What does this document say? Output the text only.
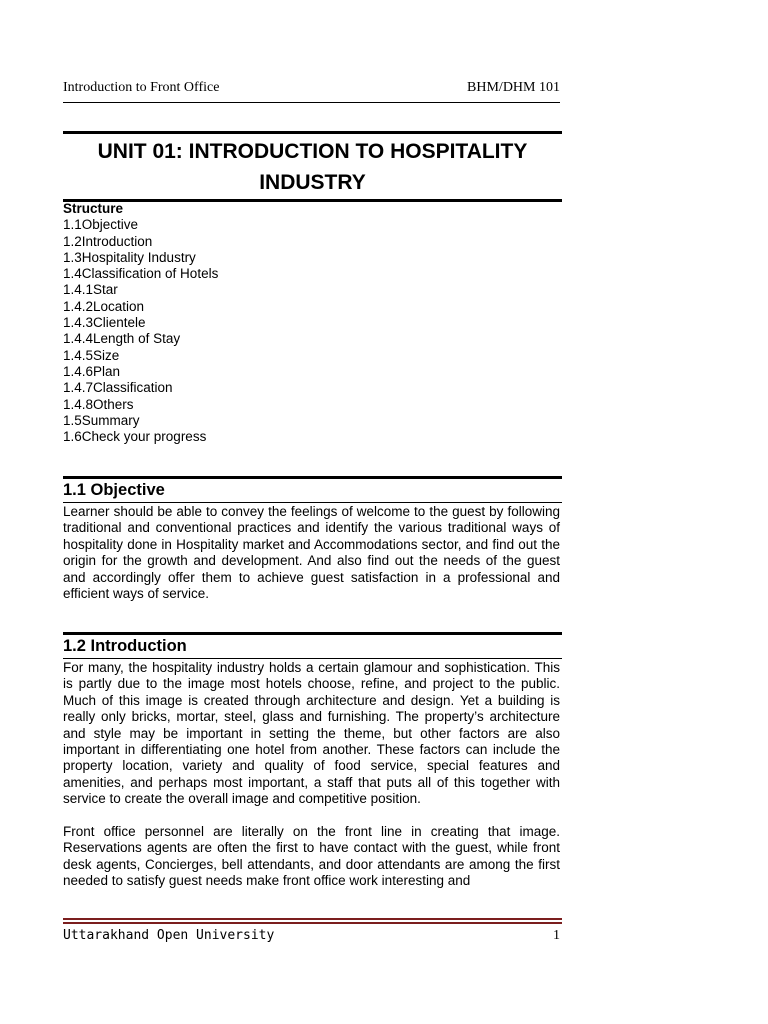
Introduction to Front Office	BHM/DHM 101
UNIT 01: INTRODUCTION TO HOSPITALITY
INDUSTRY
Structure
1.1Objective
1.2Introduction
1.3Hospitality Industry
1.4Classification of Hotels
1.4.1Star
1.4.2Location
1.4.3Clientele
1.4.4Length of Stay
1.4.5Size
1.4.6Plan
1.4.7Classification
1.4.8Others
1.5Summary
1.6Check your progress
1.1 Objective

Learner should be able to convey the feelings of welcome to the guest by following traditional and conventional practices and identify the various traditional ways of hospitality done in Hospitality market and Accommodations sector, and find out the origin for the growth and development. And also find out the needs of the guest and accordingly offer them to achieve guest satisfaction in a professional and efficient ways of service.

1.2 Introduction

For many, the hospitality industry holds a certain glamour and sophistication. This is partly due to the image most hotels choose, refine, and project to the public. Much of this image is created through architecture and design. Yet a building is really only bricks, mortar, steel, glass and furnishing. The property’s architecture and style may be important in setting the theme, but other factors are also important in differentiating one hotel from another. These factors can include the property location, variety and quality of food service, special features and amenities, and perhaps most important, a staff that puts all of this together with service to create the overall image and competitive position.

Front office personnel are literally on the front line in creating that image. Reservations agents are often the first to have contact with the guest, while front desk agents, Concierges, bell attendants, and door attendants are among the first needed to satisfy guest needs make front office work interesting and

Uttarakhand Open University	1
